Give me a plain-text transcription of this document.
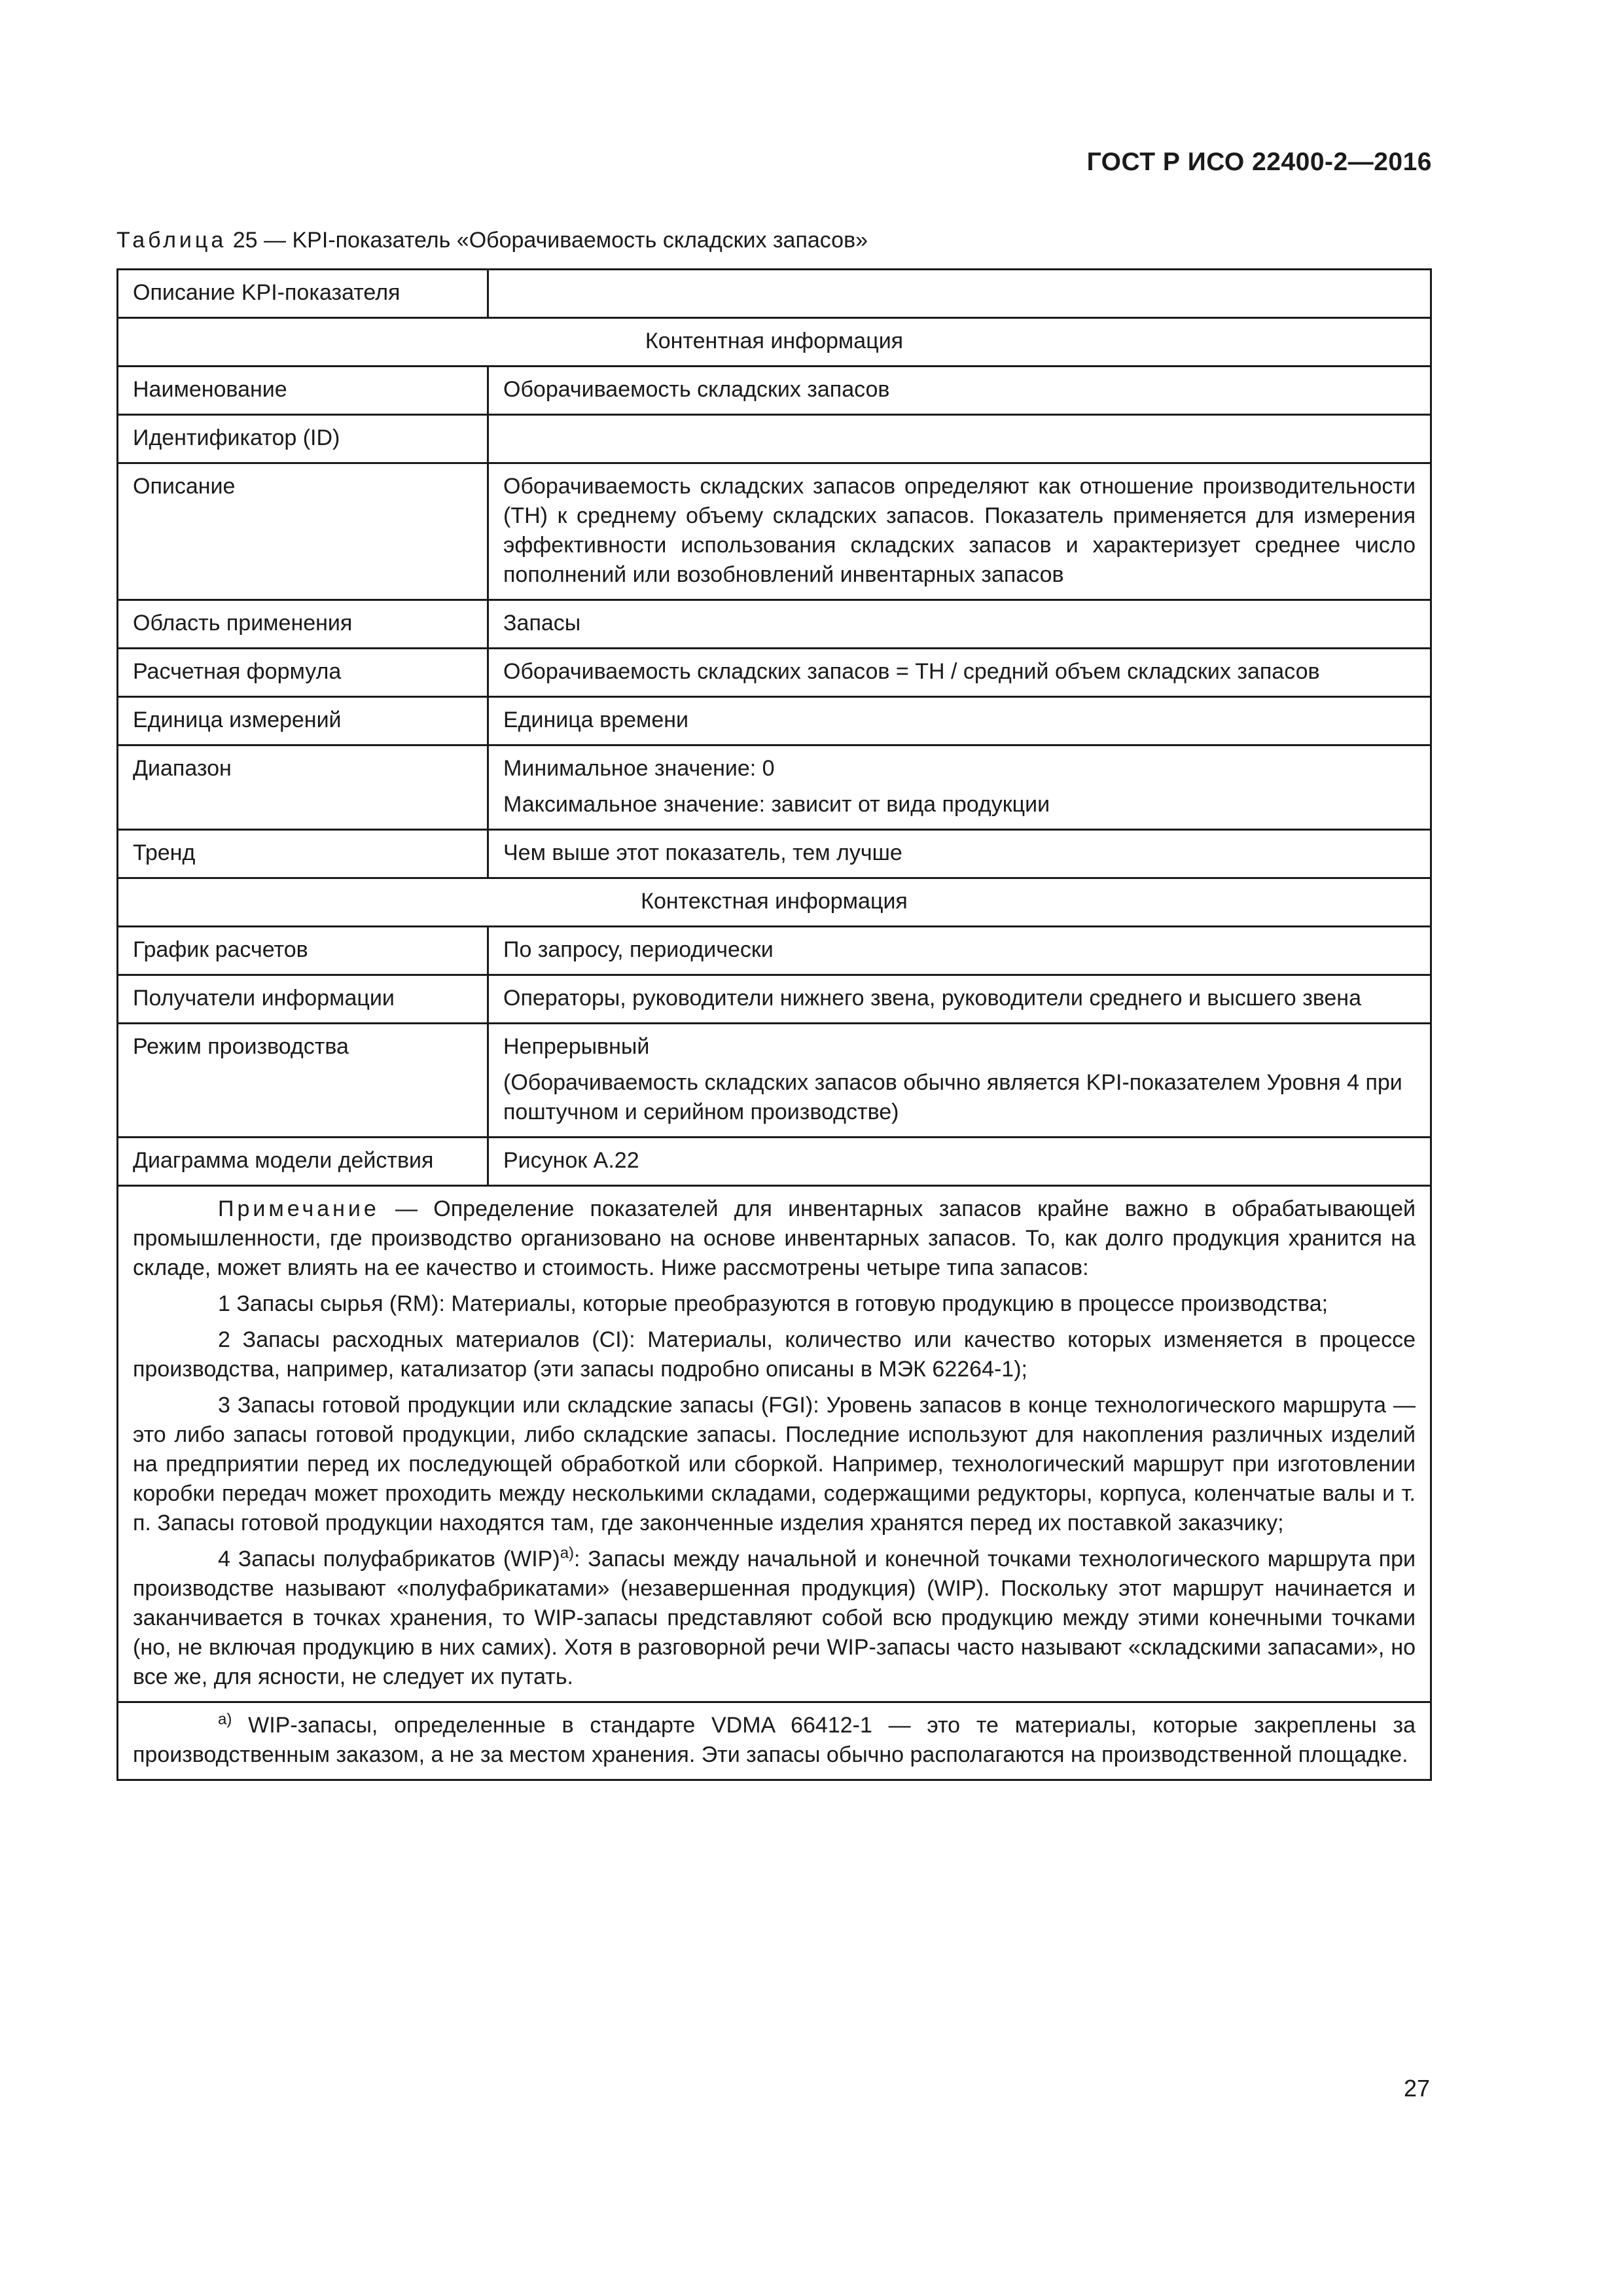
ГОСТ Р ИСО 22400-2—2016
Таблица 25 — KPI-показатель «Оборачиваемость складских запасов»
Описание KPI-показателя	
Контентная информация	
Наименование	Оборачиваемость складских запасов
Идентификатор (ID)	
Описание	Оборачиваемость складских запасов определяют как отношение производительности (TH) к среднему объему складских запасов. Показатель применяется для измерения эффективности использования складских запасов и характеризует среднее число пополнений или возобновлений инвентарных запасов
Область применения	Запасы
Расчетная формула	Оборачиваемость складских запасов = TH / средний объем складских запасов
Единица измерений	Единица времени
Диапазон	Минимальное значение: 0
Максимальное значение: зависит от вида продукции

Тренд	Чем выше этот показатель, тем лучше
Контекстная информация	
График расчетов	По запросу, периодически
Получатели информации	Операторы, руководители нижнего звена, руководители среднего и высшего звена
Режим производства	Непрерывный
(Оборачиваемость складских запасов обычно является KPI-показателем Уровня 4 при поштучном и серийном производстве)

Диаграмма модели действия	Рисунок А.22

Примечание — Определение показателей для инвентарных запасов крайне важно в обрабатывающей промышленности, где производство организовано на основе инвентарных запасов. То, как долго продукция хранится на складе, может влиять на ее качество и стоимость. Ниже рассмотрены четыре типа запасов:

1 Запасы сырья (RM): Материалы, которые преобразуются в готовую продукцию в процессе производства;

2 Запасы расходных материалов (CI): Материалы, количество или качество которых изменяется в процессе производства, например, катализатор (эти запасы подробно описаны в МЭК 62264-1);

3 Запасы готовой продукции или складские запасы (FGI): Уровень запасов в конце технологического маршрута — это либо запасы готовой продукции, либо складские запасы. Последние используют для накопления различных изделий на предприятии перед их последующей обработкой или сборкой. Например, технологический маршрут при изготовлении коробки передач может проходить между несколькими складами, содержащими редукторы, корпуса, коленчатые валы и т. п. Запасы готовой продукции находятся там, где законченные изделия хранятся перед их поставкой заказчику;

4 Запасы полуфабрикатов (WIP)$^{а)}$: Запасы между начальной и конечной точками технологического маршрута при производстве называют «полуфабрикатами» (незавершенная продукция) (WIP). Поскольку этот маршрут начинается и заканчивается в точках хранения, то WIP-запасы представляют собой всю продукцию между этими конечными точками (но, не включая продукцию в них самих). Хотя в разговорной речи WIP-запасы часто называют «складскими запасами», но все же, для ясности, не следует их путать.	

$^{а)}$ WIP-запасы, определенные в стандарте VDMA 66412-1 — это те материалы, которые закреплены за производственным заказом, а не за местом хранения. Эти запасы обычно располагаются на производственной площадке.	

27
